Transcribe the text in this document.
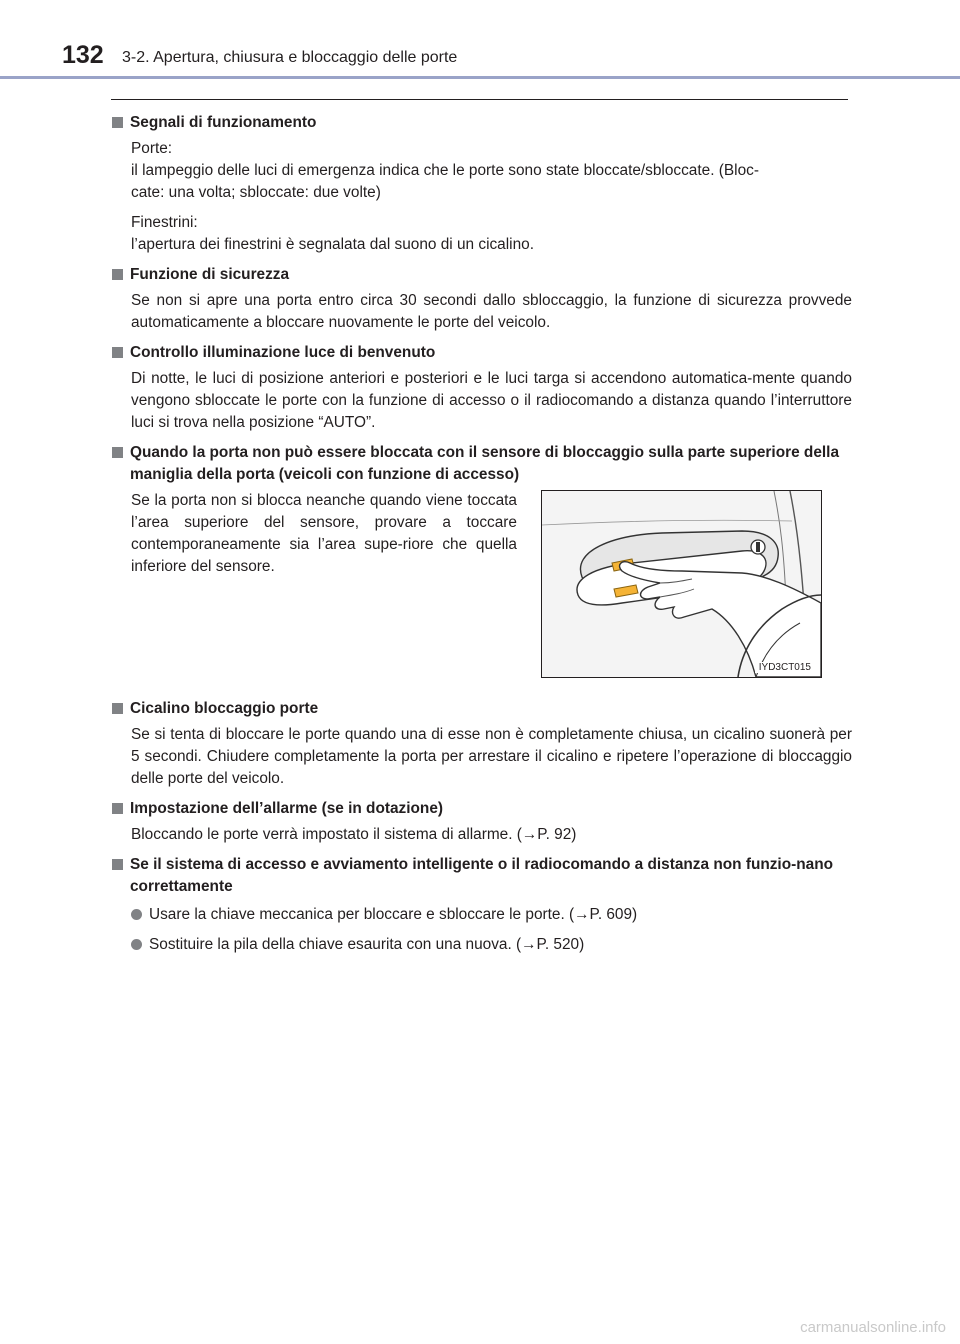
132 3-2. Apertura, chiusura e bloccaggio delle porte
Segnali di funzionamento
Porte:
il lampeggio delle luci di emergenza indica che le porte sono state bloccate/sbloccate. (Bloc-
cate: una volta; sbloccate: due volte)
Finestrini:
l’apertura dei finestrini è segnalata dal suono di un cicalino.
Funzione di sicurezza
Se non si apre una porta entro circa 30 secondi dallo sbloccaggio, la funzione di sicurezza provvede automaticamente a bloccare nuovamente le porte del veicolo.
Controllo illuminazione luce di benvenuto
Di notte, le luci di posizione anteriori e posteriori e le luci targa si accendono automatica-mente quando vengono sbloccate le porte con la funzione di accesso o il radiocomando a distanza quando l’interruttore luci si trova nella posizione “AUTO”.
Quando la porta non può essere bloccata con il sensore di bloccaggio sulla parte superiore della maniglia della porta (veicoli con funzione di accesso)
Se la porta non si blocca neanche quando viene toccata l’area superiore del sensore, provare a toccare contemporaneamente sia l’area supe-riore che quella inferiore del sensore.
IYD3CT015
Cicalino bloccaggio porte
Se si tenta di bloccare le porte quando una di esse non è completamente chiusa, un cicalino suonerà per 5 secondi. Chiudere completamente la porta per arrestare il cicalino e ripetere l’operazione di bloccaggio delle porte del veicolo.
Impostazione dell’allarme (se in dotazione)
Bloccando le porte verrà impostato il sistema di allarme. (→P. 92)
Se il sistema di accesso e avviamento intelligente o il radiocomando a distanza non funzio-nano correttamente
Usare la chiave meccanica per bloccare e sbloccare le porte. (→P. 609)
Sostituire la pila della chiave esaurita con una nuova. (→P. 520)
carmanualsonline.info
